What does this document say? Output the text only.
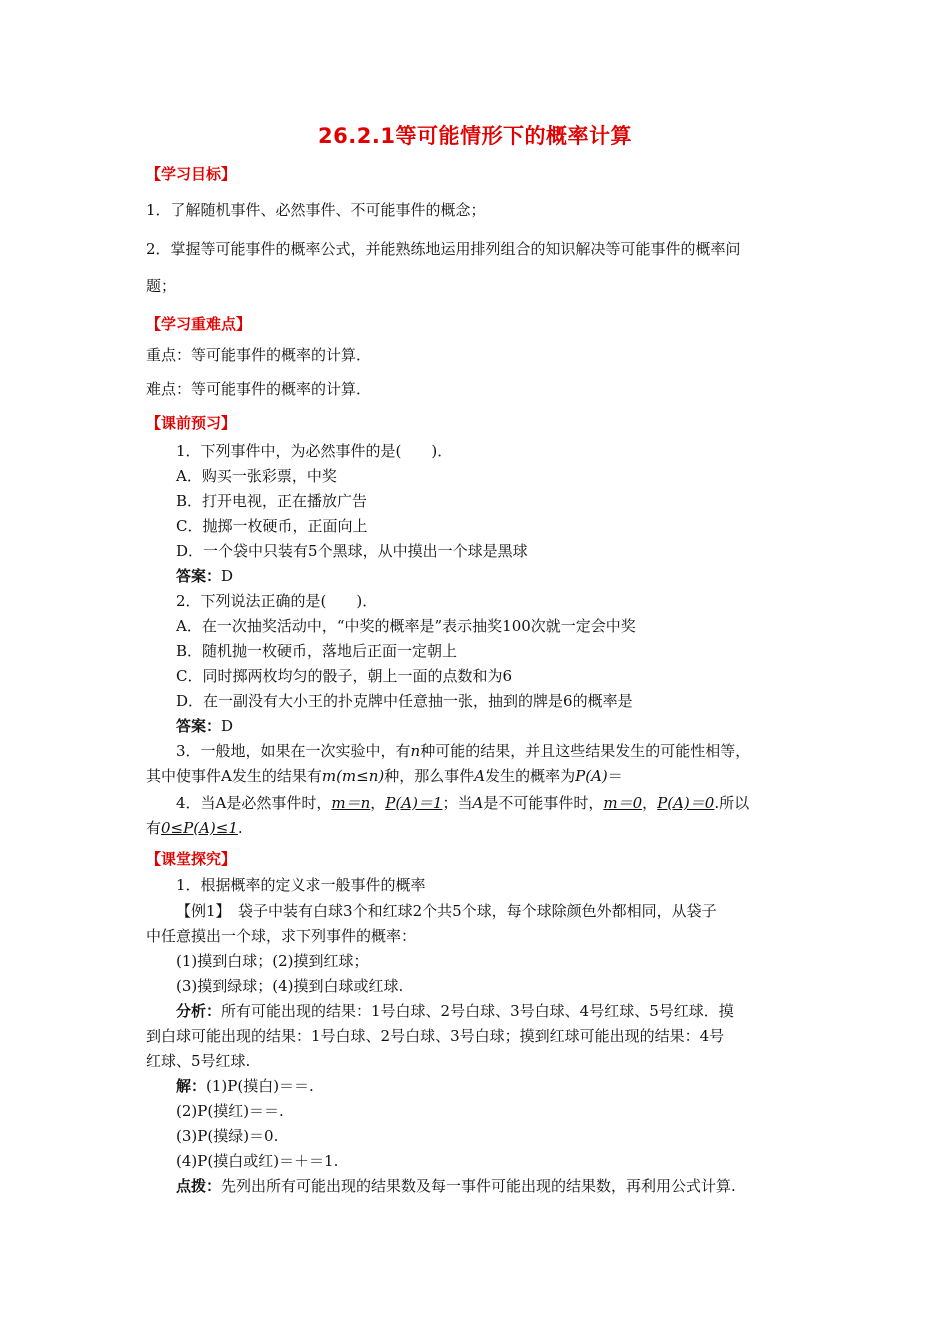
26.2.1等可能情形下的概率计算
【学习目标】
1．了解随机事件、必然事件、不可能事件的概念；
2．掌握等可能事件的概率公式，并能熟练地运用排列组合的知识解决等可能事件的概率问
题；
【学习重难点】
重点：等可能事件的概率的计算．
难点：等可能事件的概率的计算．
【课前预习】
1．下列事件中，为必然事件的是(　　)．
A．购买一张彩票，中奖
B．打开电视，正在播放广告
C．抛掷一枚硬币，正面向上
D．一个袋中只装有5个黑球，从中摸出一个球是黑球
答案：D
2．下列说法正确的是(　　)．
A．在一次抽奖活动中，“中奖的概率是”表示抽奖100次就一定会中奖
B．随机抛一枚硬币，落地后正面一定朝上
C．同时掷两枚均匀的骰子，朝上一面的点数和为6
D．在一副没有大小王的扑克牌中任意抽一张，抽到的牌是6的概率是
答案：D
3．一般地，如果在一次实验中，有n种可能的结果，并且这些结果发生的可能性相等，
其中使事件A发生的结果有m(m≤n)种，那么事件A发生的概率为P(A)＝
4．当A是必然事件时，m＝n，P(A)＝1；当A是不可能事件时，m＝0，P(A)＝0.所以
有0≤P(A)≤1.
【课堂探究】
1．根据概率的定义求一般事件的概率
【例1】　袋子中装有白球3个和红球2个共5个球，每个球除颜色外都相同，从袋子
中任意摸出一个球，求下列事件的概率：
(1)摸到白球；(2)摸到红球；
(3)摸到绿球；(4)摸到白球或红球.
分析：所有可能出现的结果：1号白球、2号白球、3号白球、4号红球、5号红球．摸
到白球可能出现的结果：1号白球、2号白球、3号白球；摸到红球可能出现的结果：4号
红球、5号红球.
解：(1)P(摸白)＝＝.
(2)P(摸红)＝＝.
(3)P(摸绿)＝0.
(4)P(摸白或红)＝＋＝1.
点拨：先列出所有可能出现的结果数及每一事件可能出现的结果数，再利用公式计算.
